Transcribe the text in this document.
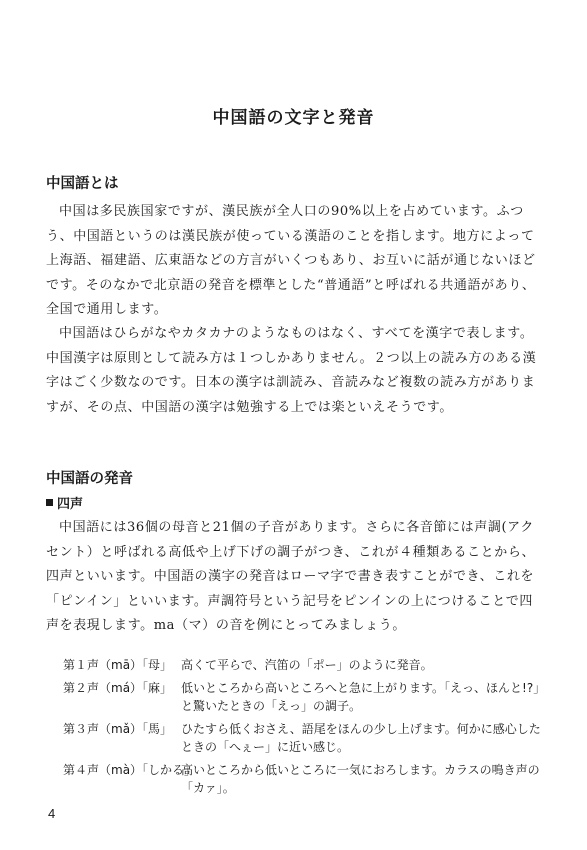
中国語の文字と発音
中国語とは

中国は多民族国家ですが、漢民族が全人口の90%以上を占めています。ふつう、中国語というのは漢民族が使っている漢語のことを指します。地方によって上海語、福建語、広東語などの方言がいくつもあり、お互いに話が通じないほどです。そのなかで北京語の発音を標準とした“普通語”と呼ばれる共通語があり、全国で通用します。

中国語はひらがなやカタカナのようなものはなく、すべてを漢字で表します。中国漢字は原則として読み方は１つしかありません。２つ以上の読み方のある漢字はごく少数なのです。日本の漢字は訓読み、音読みなど複数の読み方がありますが、その点、中国語の漢字は勉強する上では楽といえそうです。

中国語の発音
四声

中国語には36個の母音と21個の子音があります。さらに各音節には声調(アクセント）と呼ばれる高低や上げ下げの調子がつき、これが４種類あることから、四声といいます。中国語の漢字の発音はローマ字で書き表すことができ、これを「ピンイン」といいます。声調符号という記号をピンインの上につけることで四声を表現します。ma（マ）の音を例にとってみましょう。

第１声（mā）「母」 高くて平らで、汽笛の「ポー」のように発音。
第２声（má）「麻」 低いところから高いところへと急に上がります。「えっ、ほんと!?」と驚いたときの「えっ」の調子。
第３声（mǎ）「馬」 ひたすら低くおさえ、語尾をほんの少し上げます。何かに感心したときの「へぇー」に近い感じ。
第４声（mà）「しかる」
高いところから低いところに一気におろします。カラスの鳴き声の「カァ」。
4
